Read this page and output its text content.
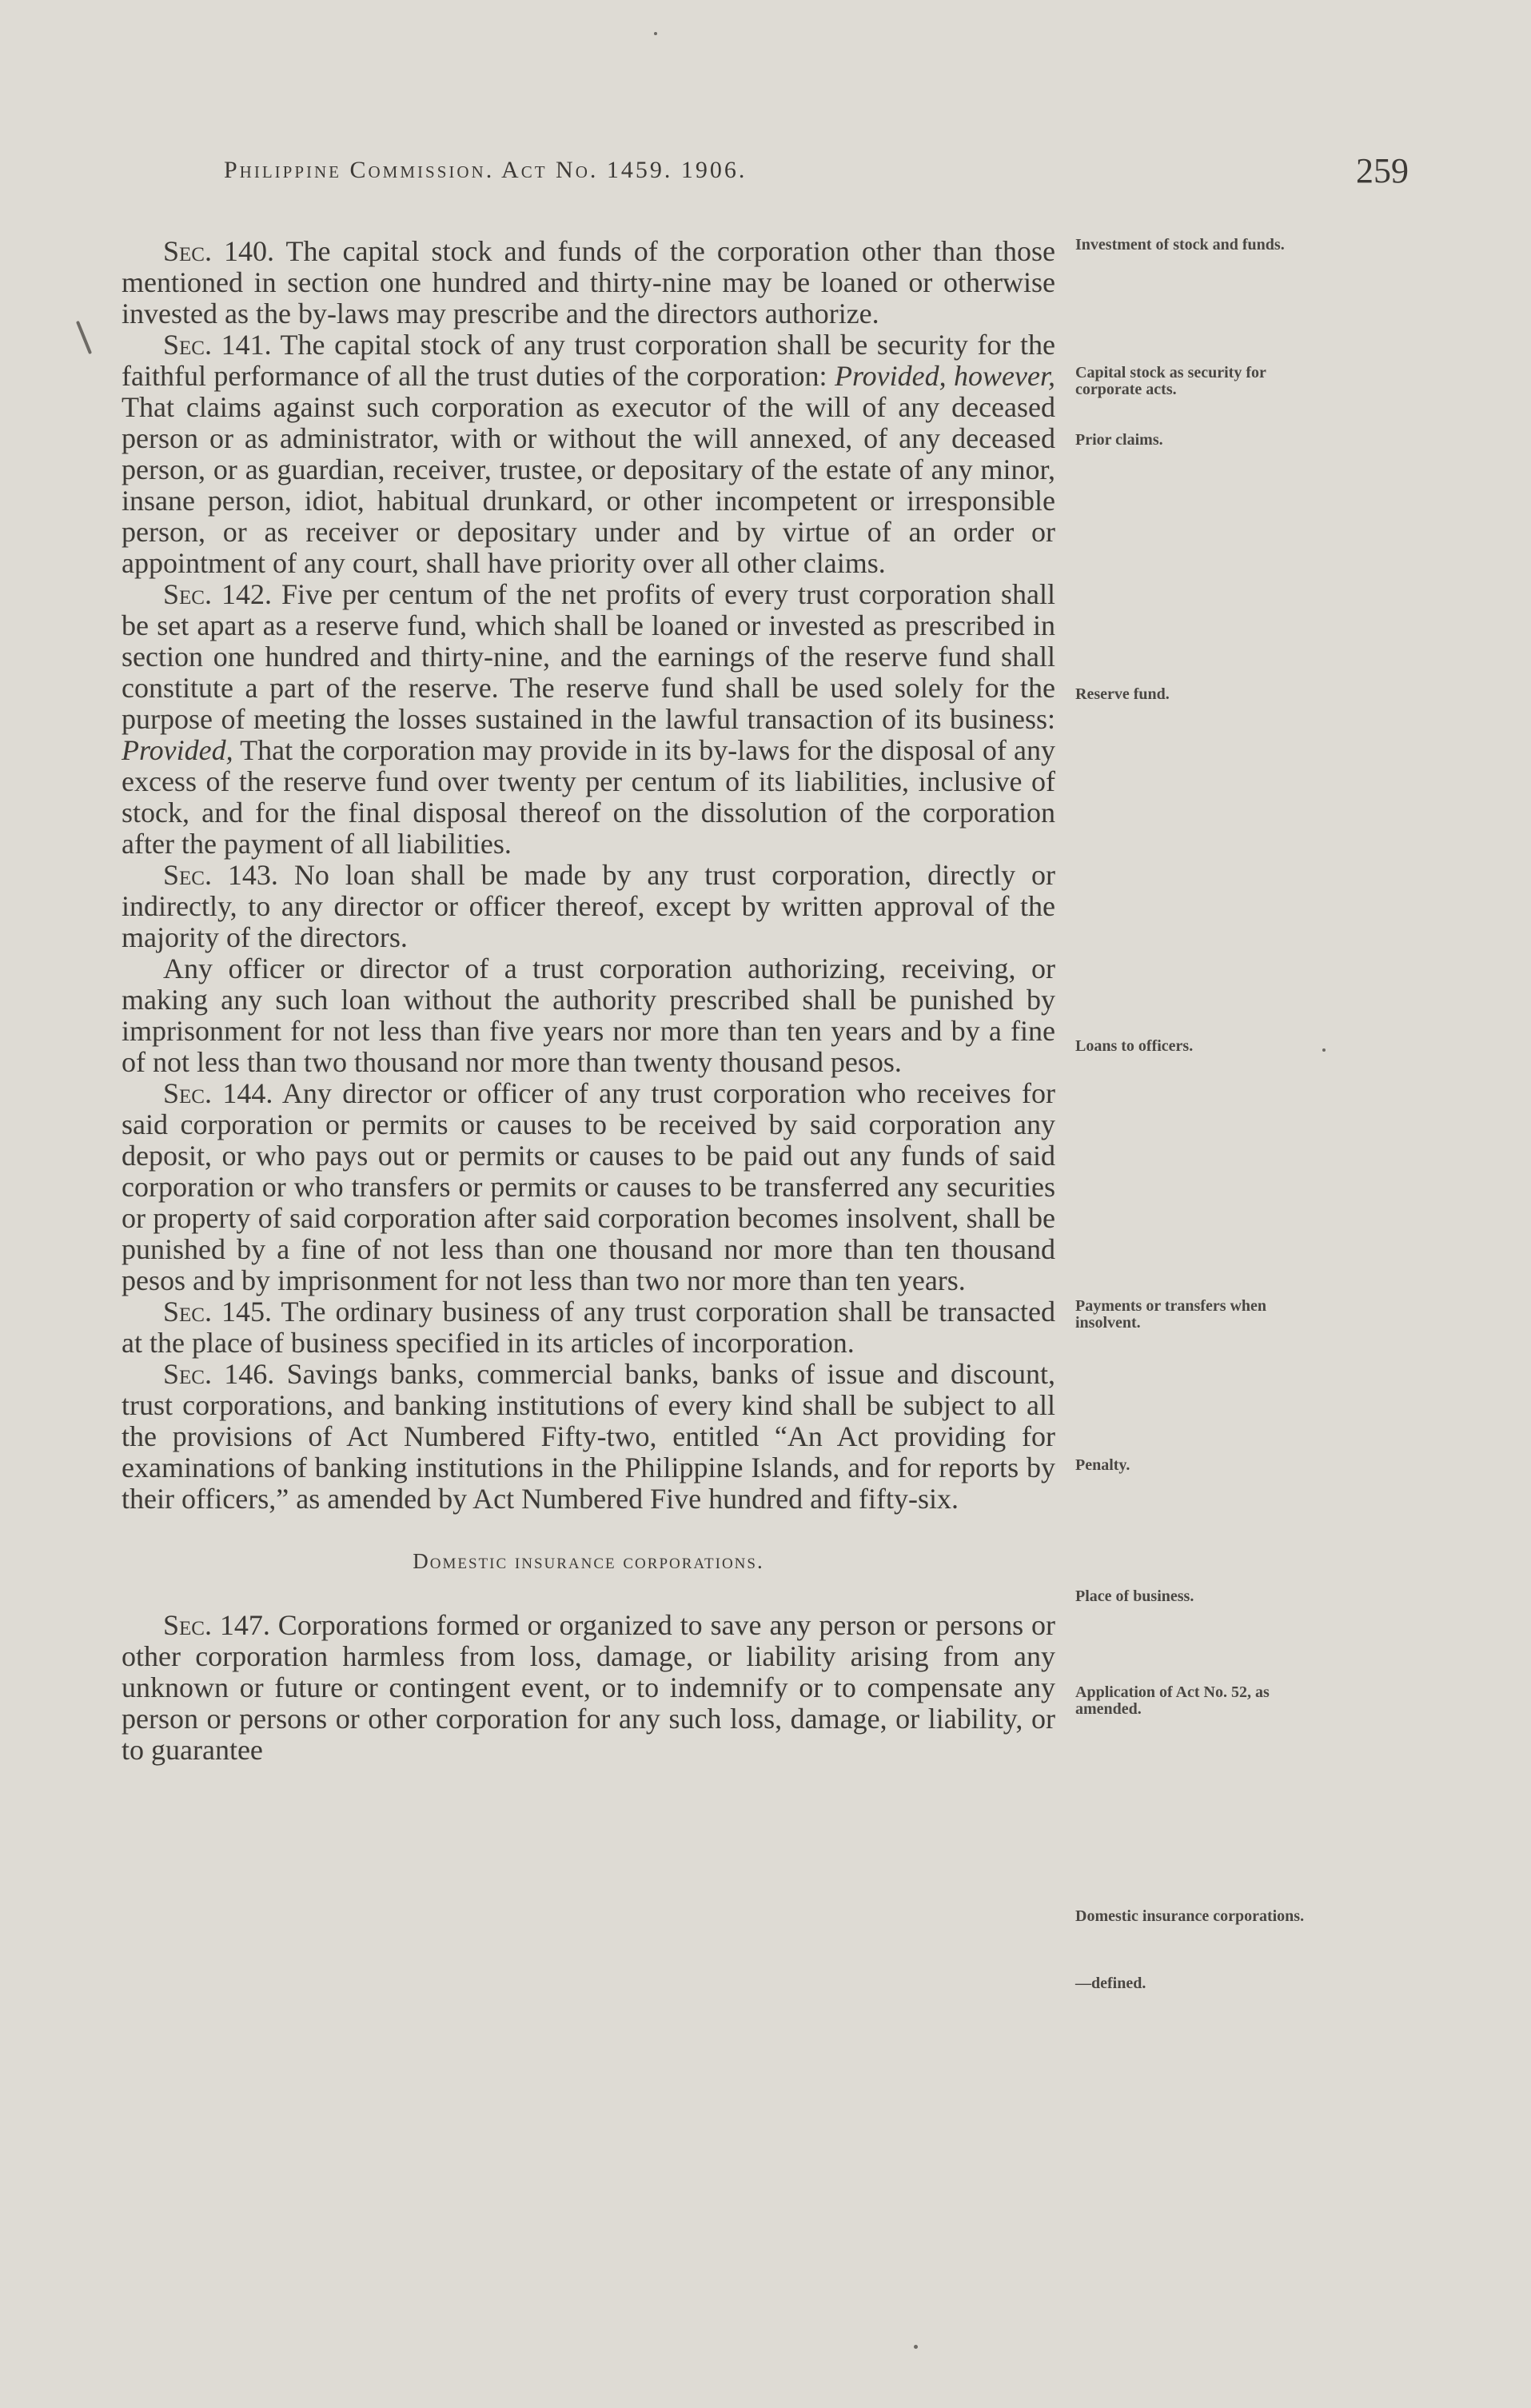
Philippine Commission. Act No. 1459. 1906.	259

Sec. 140. The capital stock and funds of the corporation other than those mentioned in section one hundred and thirty-nine may be loaned or otherwise invested as the by-laws may prescribe and the directors authorize.

Sec. 141. The capital stock of any trust corporation shall be security for the faithful performance of all the trust duties of the corporation: Provided, however, That claims against such corporation as executor of the will of any deceased person or as administrator, with or without the will annexed, of any deceased person, or as guardian, receiver, trustee, or depositary of the estate of any minor, insane person, idiot, habitual drunkard, or other incompetent or irresponsible person, or as receiver or depositary under and by virtue of an order or appointment of any court, shall have priority over all other claims.

Sec. 142. Five per centum of the net profits of every trust corporation shall be set apart as a reserve fund, which shall be loaned or invested as prescribed in section one hundred and thirty-nine, and the earnings of the reserve fund shall constitute a part of the reserve. The reserve fund shall be used solely for the purpose of meeting the losses sustained in the lawful transaction of its business: Provided, That the corporation may provide in its by-laws for the disposal of any excess of the reserve fund over twenty per centum of its liabilities, inclusive of stock, and for the final disposal thereof on the dissolution of the corporation after the payment of all liabilities.

Sec. 143. No loan shall be made by any trust corporation, directly or indirectly, to any director or officer thereof, except by written approval of the majority of the directors.

Any officer or director of a trust corporation authorizing, receiving, or making any such loan without the authority prescribed shall be punished by imprisonment for not less than five years nor more than ten years and by a fine of not less than two thousand nor more than twenty thousand pesos.

Sec. 144. Any director or officer of any trust corporation who receives for said corporation or permits or causes to be received by said corporation any deposit, or who pays out or permits or causes to be paid out any funds of said corporation or who transfers or permits or causes to be transferred any securities or property of said corporation after said corporation becomes insolvent, shall be punished by a fine of not less than one thousand nor more than ten thousand pesos and by imprisonment for not less than two nor more than ten years.

Sec. 145. The ordinary business of any trust corporation shall be transacted at the place of business specified in its articles of incorporation.

Sec. 146. Savings banks, commercial banks, banks of issue and discount, trust corporations, and banking institutions of every kind shall be subject to all the provisions of Act Numbered Fifty-two, entitled “An Act providing for examinations of banking institutions in the Philippine Islands, and for reports by their officers,” as amended by Act Numbered Five hundred and fifty-six.

Domestic insurance corporations.

Sec. 147. Corporations formed or organized to save any person or persons or other corporation harmless from loss, damage, or liability arising from any unknown or future or contingent event, or to indemnify or to compensate any person or persons or other corporation for any such loss, damage, or liability, or to guarantee

Investment of stock and funds.
Capital stock as security for corporate acts.
Prior claims.
Reserve fund.
Loans to officers.
Payments or transfers when insolvent.
Penalty.
Place of business.
Application of Act No. 52, as amended.
Domestic insurance corporations.
—defined.
